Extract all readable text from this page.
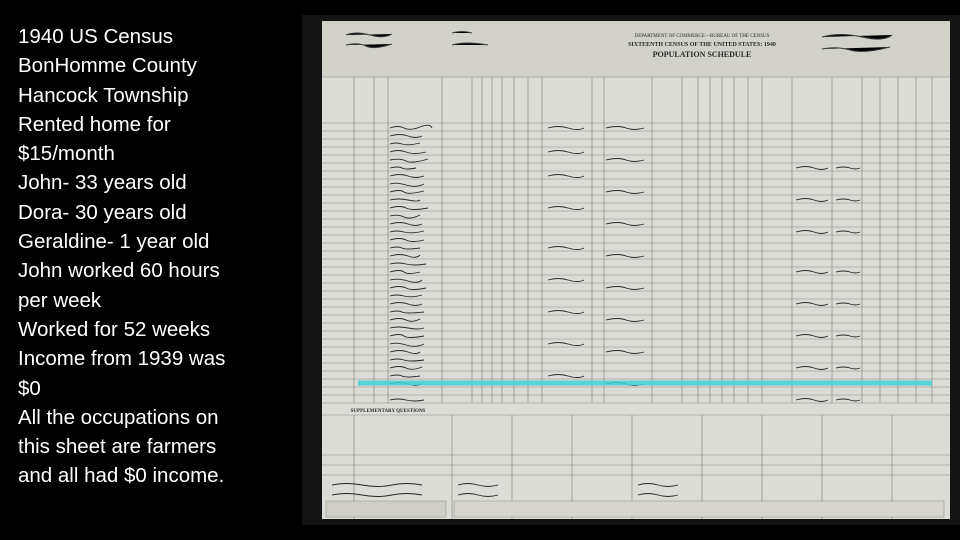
1940 US Census
BonHomme County
Hancock Township
Rented home for
$15/month
John- 33 years old
Dora- 30 years old
Geraldine- 1 year old
John worked 60 hours
per week
Worked for 52 weeks
Income from 1939 was
$0
All the occupations on
this sheet are farmers
and all had $0 income.
DEPARTMENT OF COMMERCE—BUREAU OF THE CENSUS
SIXTEENTH CENSUS OF THE UNITED STATES: 1940
POPULATION SCHEDULE
SUPPLEMENTARY QUESTIONS
